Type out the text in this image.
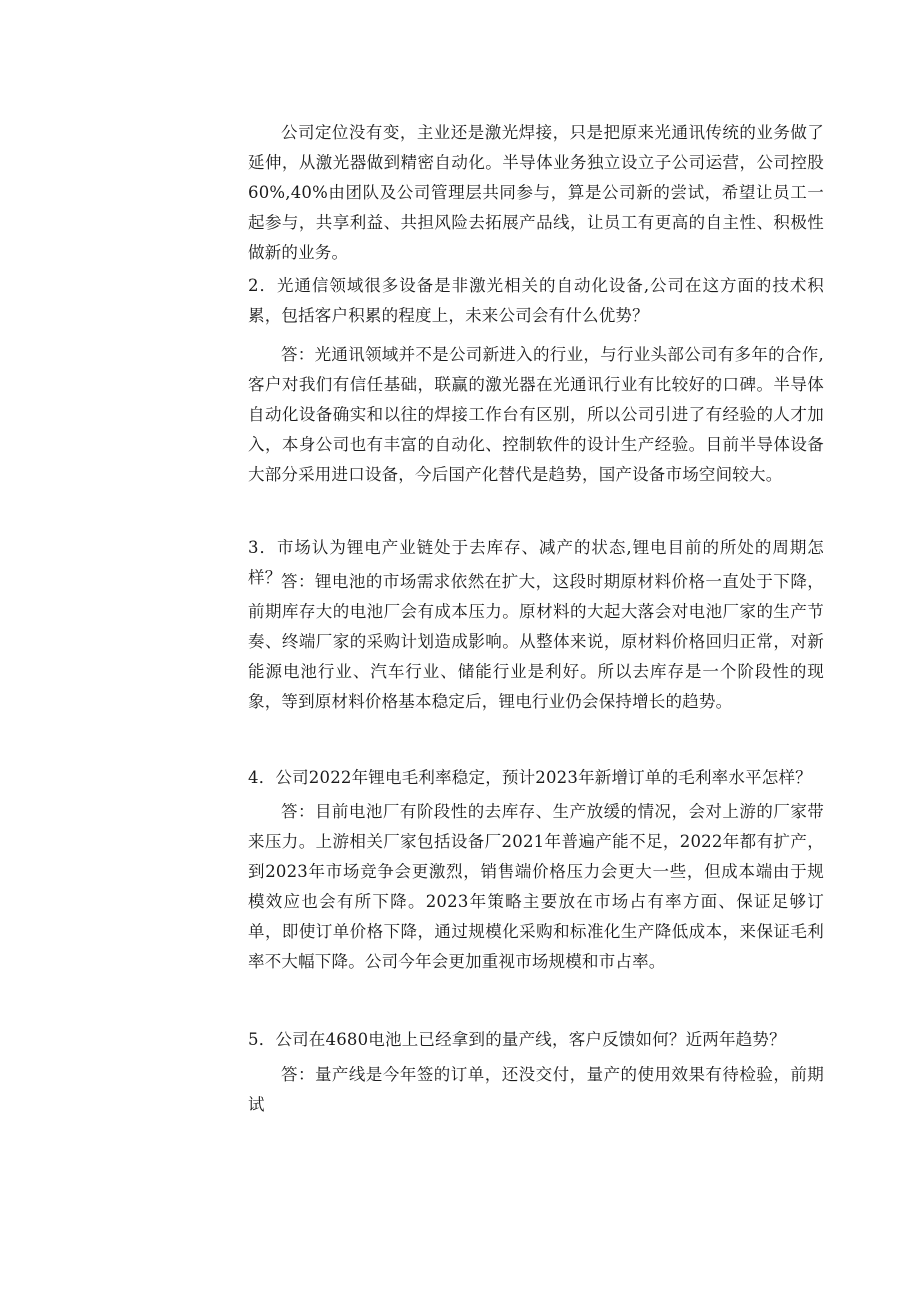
公司定位没有变，主业还是激光焊接，只是把原来光通讯传统的业务做了延伸，从激光器做到精密自动化。半导体业务独立设立子公司运营，公司控股60%,40%由团队及公司管理层共同参与，算是公司新的尝试，希望让员工一起参与，共享利益、共担风险去拓展产品线，让员工有更高的自主性、积极性做新的业务。

2．光通信领域很多设备是非激光相关的自动化设备,公司在这方面的技术积累，包括客户积累的程度上，未来公司会有什么优势？

答：光通讯领域并不是公司新进入的行业，与行业头部公司有多年的合作,客户对我们有信任基础，联赢的激光器在光通讯行业有比较好的口碑。半导体自动化设备确实和以往的焊接工作台有区别，所以公司引进了有经验的人才加入，本身公司也有丰富的自动化、控制软件的设计生产经验。目前半导体设备大部分采用进口设备，今后国产化替代是趋势，国产设备市场空间较大。

3．市场认为锂电产业链处于去库存、减产的状态,锂电目前的所处的周期怎样？ 答：锂电池的市场需求依然在扩大，这段时期原材料价格一直处于下降，前期库存大的电池厂会有成本压力。原材料的大起大落会对电池厂家的生产节奏、终端厂家的采购计划造成影响。从整体来说，原材料价格回归正常，对新能源电池行业、汽车行业、储能行业是利好。所以去库存是一个阶段性的现象，等到原材料价格基本稳定后，锂电行业仍会保持增长的趋势。

4．公司2022年锂电毛利率稳定，预计2023年新增订单的毛利率水平怎样？

答：目前电池厂有阶段性的去库存、生产放缓的情况，会对上游的厂家带来压力。上游相关厂家包括设备厂2021年普遍产能不足，2022年都有扩产，到2023年市场竞争会更激烈，销售端价格压力会更大一些，但成本端由于规模效应也会有所下降。2023年策略主要放在市场占有率方面、保证足够订单，即使订单价格下降，通过规模化采购和标准化生产降低成本，来保证毛利率不大幅下降。公司今年会更加重视市场规模和市占率。

5．公司在4680电池上已经拿到的量产线，客户反馈如何？近两年趋势？

答：量产线是今年签的订单，还没交付，量产的使用效果有待检验，前期试
